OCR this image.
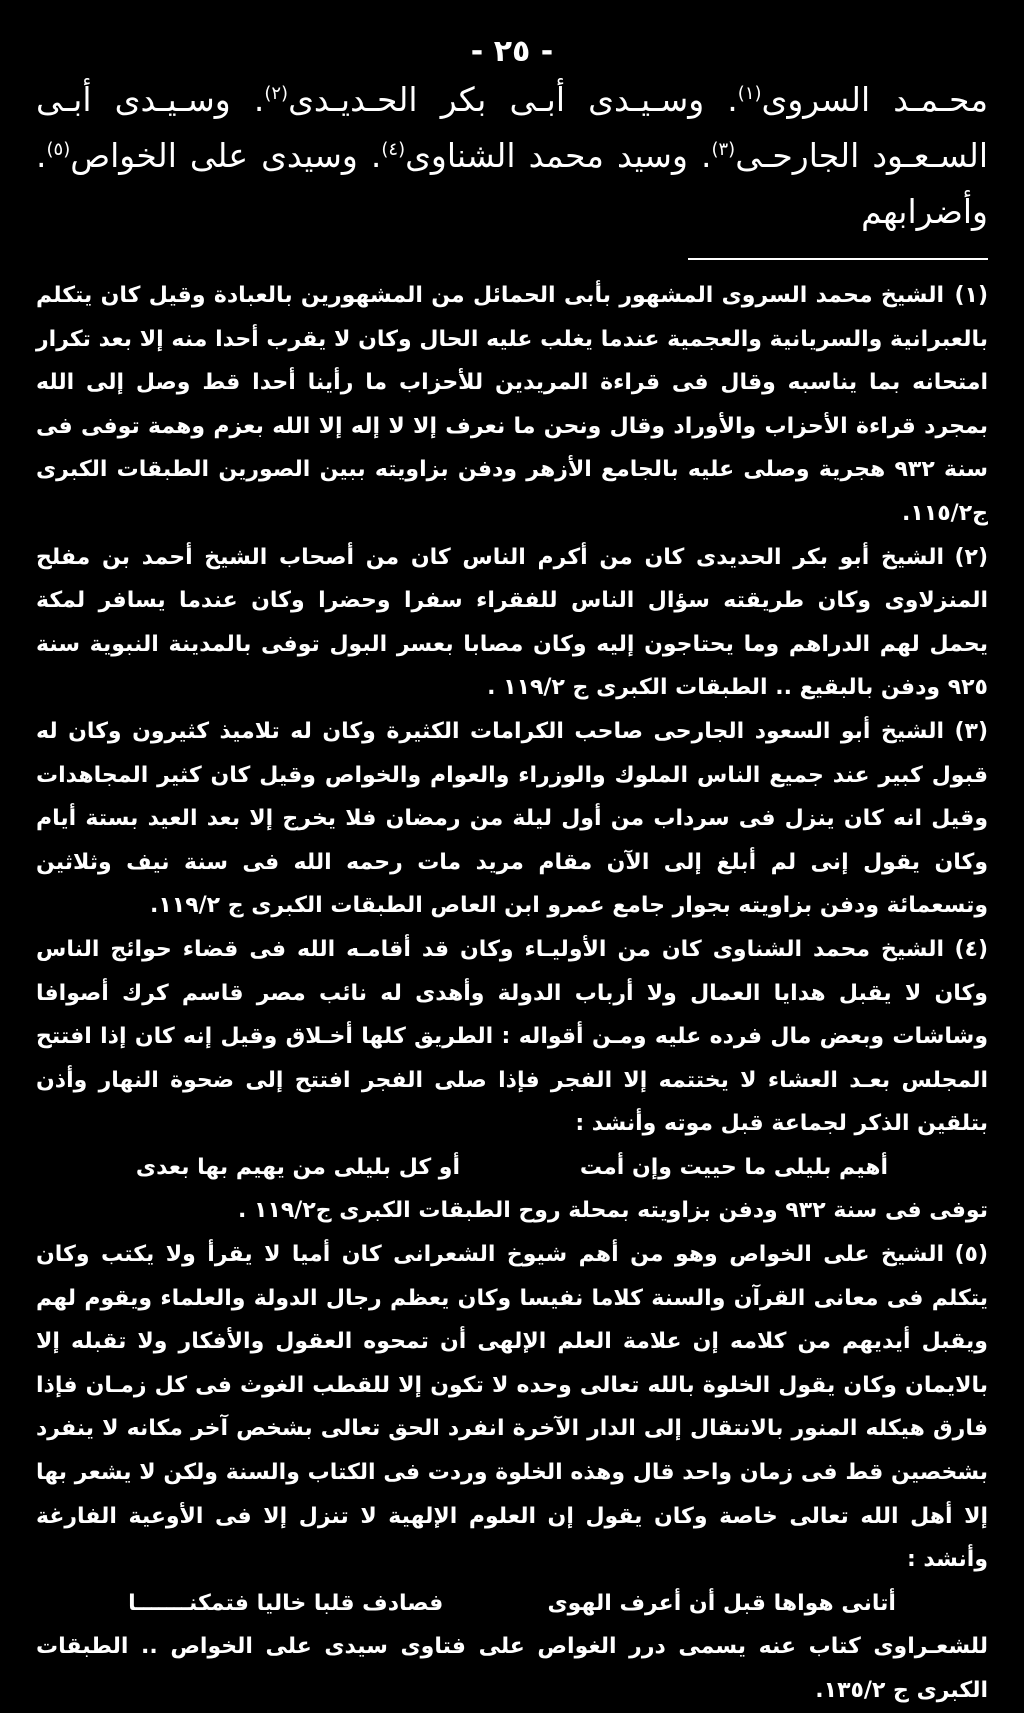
- ٢٥ -

محـمـد السروى$^{(١)}$. وسـيـدى أبـى بكر الحـديـدى$^{(٢)}$. وسـيـدى أبـى السـعـود الجارحـى$^{(٣)}$. وسيد محمد الشناوى$^{(٤)}$. وسيدى على الخواص$^{(٥)}$. وأضرابهم

(١)الشيخ محمد السروى المشهور بأبى الحمائل من المشهورين بالعبادة وقيل كان يتكلم بالعبرانية والسريانية والعجمية عندما يغلب عليه الحال وكان لا يقرب أحدا منه إلا بعد تكرار امتحانه بما يناسبه وقال فى قراءة المريدين للأحزاب ما رأينا أحدا قط وصل إلى الله بمجرد قراءة الأحزاب والأوراد وقال ونحن ما نعرف إلا لا إله إلا الله بعزم وهمة توفى فى سنة ٩٣٢ هجرية وصلى عليه بالجامع الأزهر ودفن بزاويته ببين الصورين الطبقات الكبرى ج١١٥/٢.

(٢)الشيخ أبو بكر الحديدى كان من أكرم الناس كان من أصحاب الشيخ أحمد بن مفلح المنزلاوى وكان طريقته سؤال الناس للفقراء سفرا وحضرا وكان عندما يسافر لمكة يحمل لهم الدراهم وما يحتاجون إليه وكان مصابا بعسر البول توفى بالمدينة النبوية سنة ٩٢٥ ودفن بالبقيع .. الطبقات الكبرى ج ١١٩/٢ .

(٣)الشيخ أبو السعود الجارحى صاحب الكرامات الكثيرة وكان له تلاميذ كثيرون وكان له قبول كبير عند جميع الناس الملوك والوزراء والعوام والخواص وقيل كان كثير المجاهدات وقيل انه كان ينزل فى سرداب من أول ليلة من رمضان فلا يخرج إلا بعد العيد بستة أيام وكان يقول إنى لم أبلغ إلى الآن مقام مريد مات رحمه الله فى سنة نيف وثلاثين وتسعمائة ودفن بزاويته بجوار جامع عمرو ابن العاص الطبقات الكبرى ج ١١٩/٢.

(٤)الشيخ محمد الشناوى كان من الأوليـاء وكان قد أقامـه الله فى قضاء حوائج الناس وكان لا يقبل هدايا العمال ولا أرباب الدولة وأهدى له نائب مصر قاسم كرك أصوافا وشاشات وبعض مال فرده عليه ومـن أقواله : الطريق كلها أخـلاق وقيل إنه كان إذا افتتح المجلس بعـد العشاء لا يختتمه إلا الفجر فإذا صلى الفجر افتتح إلى ضحوة النهار وأذن بتلقين الذكر لجماعة قبل موته وأنشد :

أهيم بليلى ما حييت وإن أمت
أو كل بليلى من يهيم بها بعدى

توفى فى سنة ٩٣٢ ودفن بزاويته بمحلة روح الطبقات الكبرى ج١١٩/٢ .

(٥)الشيخ على الخواص وهو من أهم شيوخ الشعرانى كان أميا لا يقرأ ولا يكتب وكان يتكلم فى معانى القرآن والسنة كلاما نفيسا وكان يعظم رجال الدولة والعلماء ويقوم لهم ويقبل أيديهم من كلامه إن علامة العلم الإلهى أن تمحوه العقول والأفكار ولا تقبله إلا بالايمان وكان يقول الخلوة بالله تعالى وحده لا تكون إلا للقطب الغوث فى كل زمـان فإذا فارق هيكله المنور بالانتقال إلى الدار الآخرة انفرد الحق تعالى بشخص آخر مكانه لا ينفرد بشخصين قط فى زمان واحد قال وهذه الخلوة وردت فى الكتاب والسنة ولكن لا يشعر بها إلا أهل الله تعالى خاصة وكان يقول إن العلوم الإلهية لا تنزل إلا فى الأوعية الفارغة وأنشد :

أتانى هواها قبل أن أعرف الهوى
فصادف قلبا خاليا فتمكنـــــــا

للشعـراوى كتاب عنه يسمى درر الغواص على فتاوى سيدى على الخواص .. الطبقات الكبرى ج ١٣٥/٢.
